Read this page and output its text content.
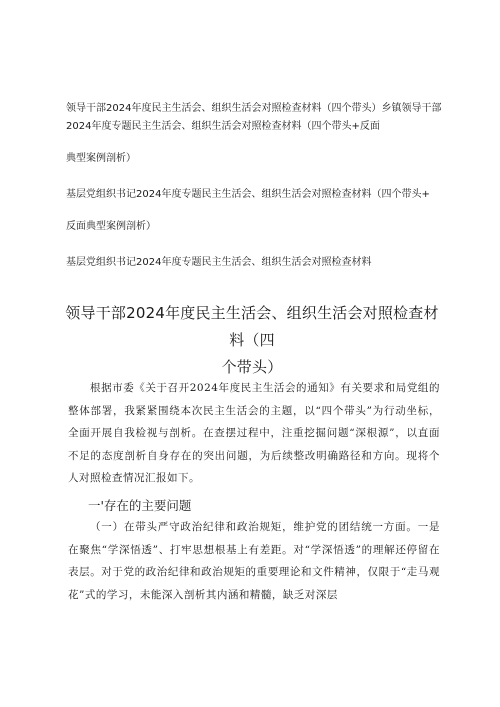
领导干部2024年度民主生活会、组织生活会对照检查材料（四个带头）乡镇领导干部2024年度专题民主生活会、组织生活会对照检查材料（四个带头+反面
典型案例剖析）
基层党组织书记2024年度专题民主生活会、组织生活会对照检查材料（四个带头+
反面典型案例剖析）
基层党组织书记2024年度专题民主生活会、组织生活会对照检查材料
领导干部2024年度民主生活会、组织生活会对照检查材料（四
个带头）
根据市委《关于召开2024年度民主生活会的通知》有关要求和局党组的整体部署，我紧紧围绕本次民主生活会的主题，以“四个带头”为行动坐标，全面开展自我检视与剖析。在查摆过程中，注重挖掘问题“深根源”，以直面不足的态度剖析自身存在的突出问题，为后续整改明确路径和方向。现将个人对照检查情况汇报如下。
一'存在的主要问题
（一）在带头严守政治纪律和政治规矩，维护党的团结统一方面。一是在聚焦“学深悟透”、打牢思想根基上有差距。对“学深悟透”的理解还停留在表层。对于党的政治纪律和政治规矩的重要理论和文件精神，仅限于“走马观花”式的学习，未能深入剖析其内涵和精髓，缺乏对深层
